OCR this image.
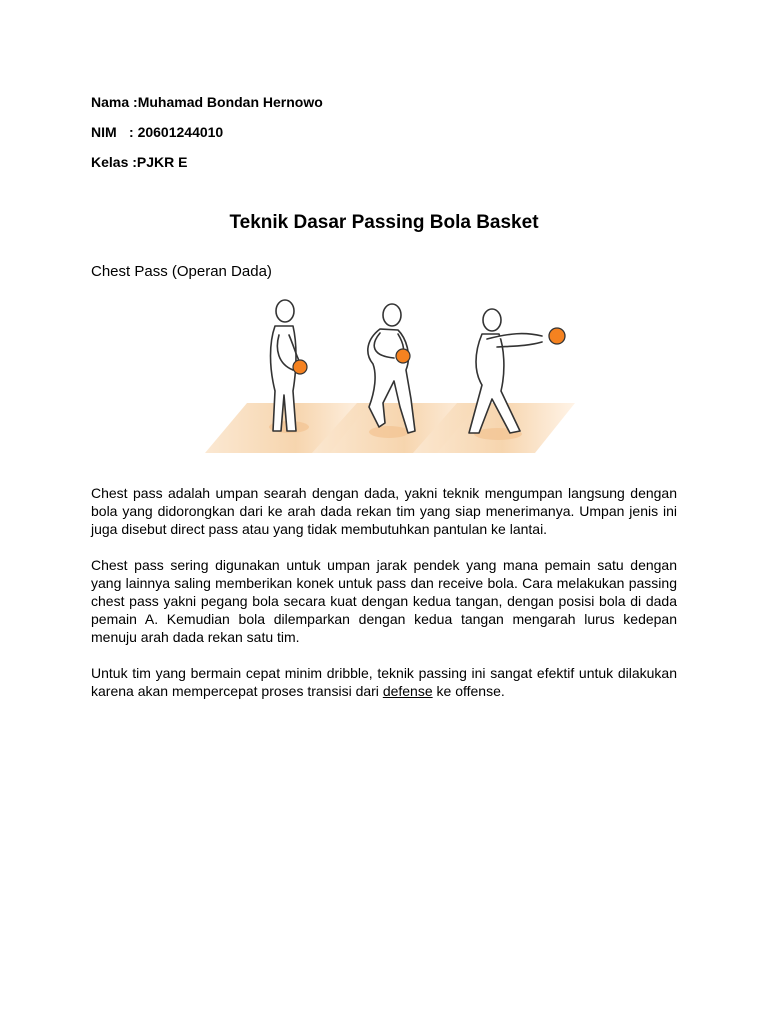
Nama :Muhamad Bondan Hernowo
NIM : 20601244010
Kelas :PJKR E
Teknik Dasar Passing Bola Basket
Chest Pass (Operan Dada)

Chest pass adalah umpan searah dengan dada, yakni teknik mengumpan langsung dengan bola yang didorongkan dari ke arah dada rekan tim yang siap menerimanya. Umpan jenis ini juga disebut direct pass atau yang tidak membutuhkan pantulan ke lantai.

Chest pass sering digunakan untuk umpan jarak pendek yang mana pemain satu dengan yang lainnya saling memberikan konek untuk pass dan receive bola. Cara melakukan passing chest pass yakni pegang bola secara kuat dengan kedua tangan, dengan posisi bola di dada pemain A. Kemudian bola dilemparkan dengan kedua tangan mengarah lurus kedepan menuju arah dada rekan satu tim.

Untuk tim yang bermain cepat minim dribble, teknik passing ini sangat efektif untuk dilakukan karena akan mempercepat proses transisi dari defense ke offense.
